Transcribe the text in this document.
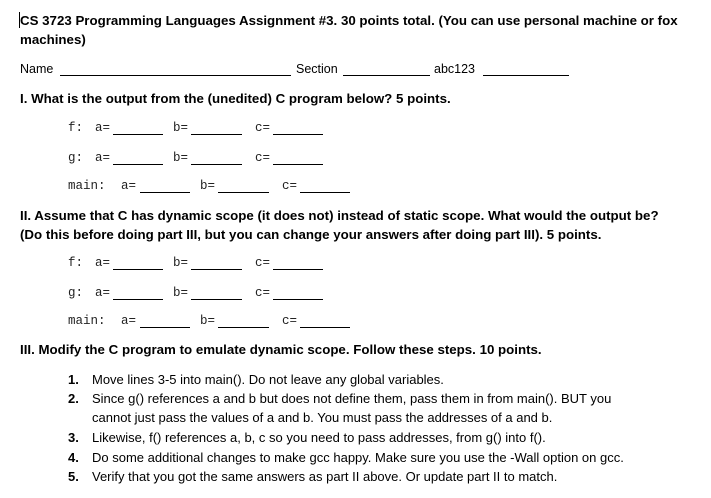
CS 3723 Programming Languages Assignment #3. 30 points total. (You can use personal machine or fox
machines)
Name	Section	abc123
I. What is the output from the (unedited) C program below? 5 points.
f: a=	b=	c=
g: a=	b=	c=
main: a=	b=	c=
II. Assume that C has dynamic scope (it does not) instead of static scope. What would the output be?
(Do this before doing part III, but you can change your answers after doing part III). 5 points.
f: a=	b=	c=
g: a=	b=	c=
main: a=	b=	c=
III. Modify the C program to emulate dynamic scope. Follow these steps. 10 points.
1. Move lines 3-5 into main(). Do not leave any global variables.
2. Since g() references a and b but does not define them, pass them in from main(). BUT you
cannot just pass the values of a and b. You must pass the addresses of a and b.
3. Likewise, f() references a, b, c so you need to pass addresses, from g() into f().
4. Do some additional changes to make gcc happy. Make sure you use the -Wall option on gcc.
5. Verify that you got the same answers as part II above. Or update part II to match.
